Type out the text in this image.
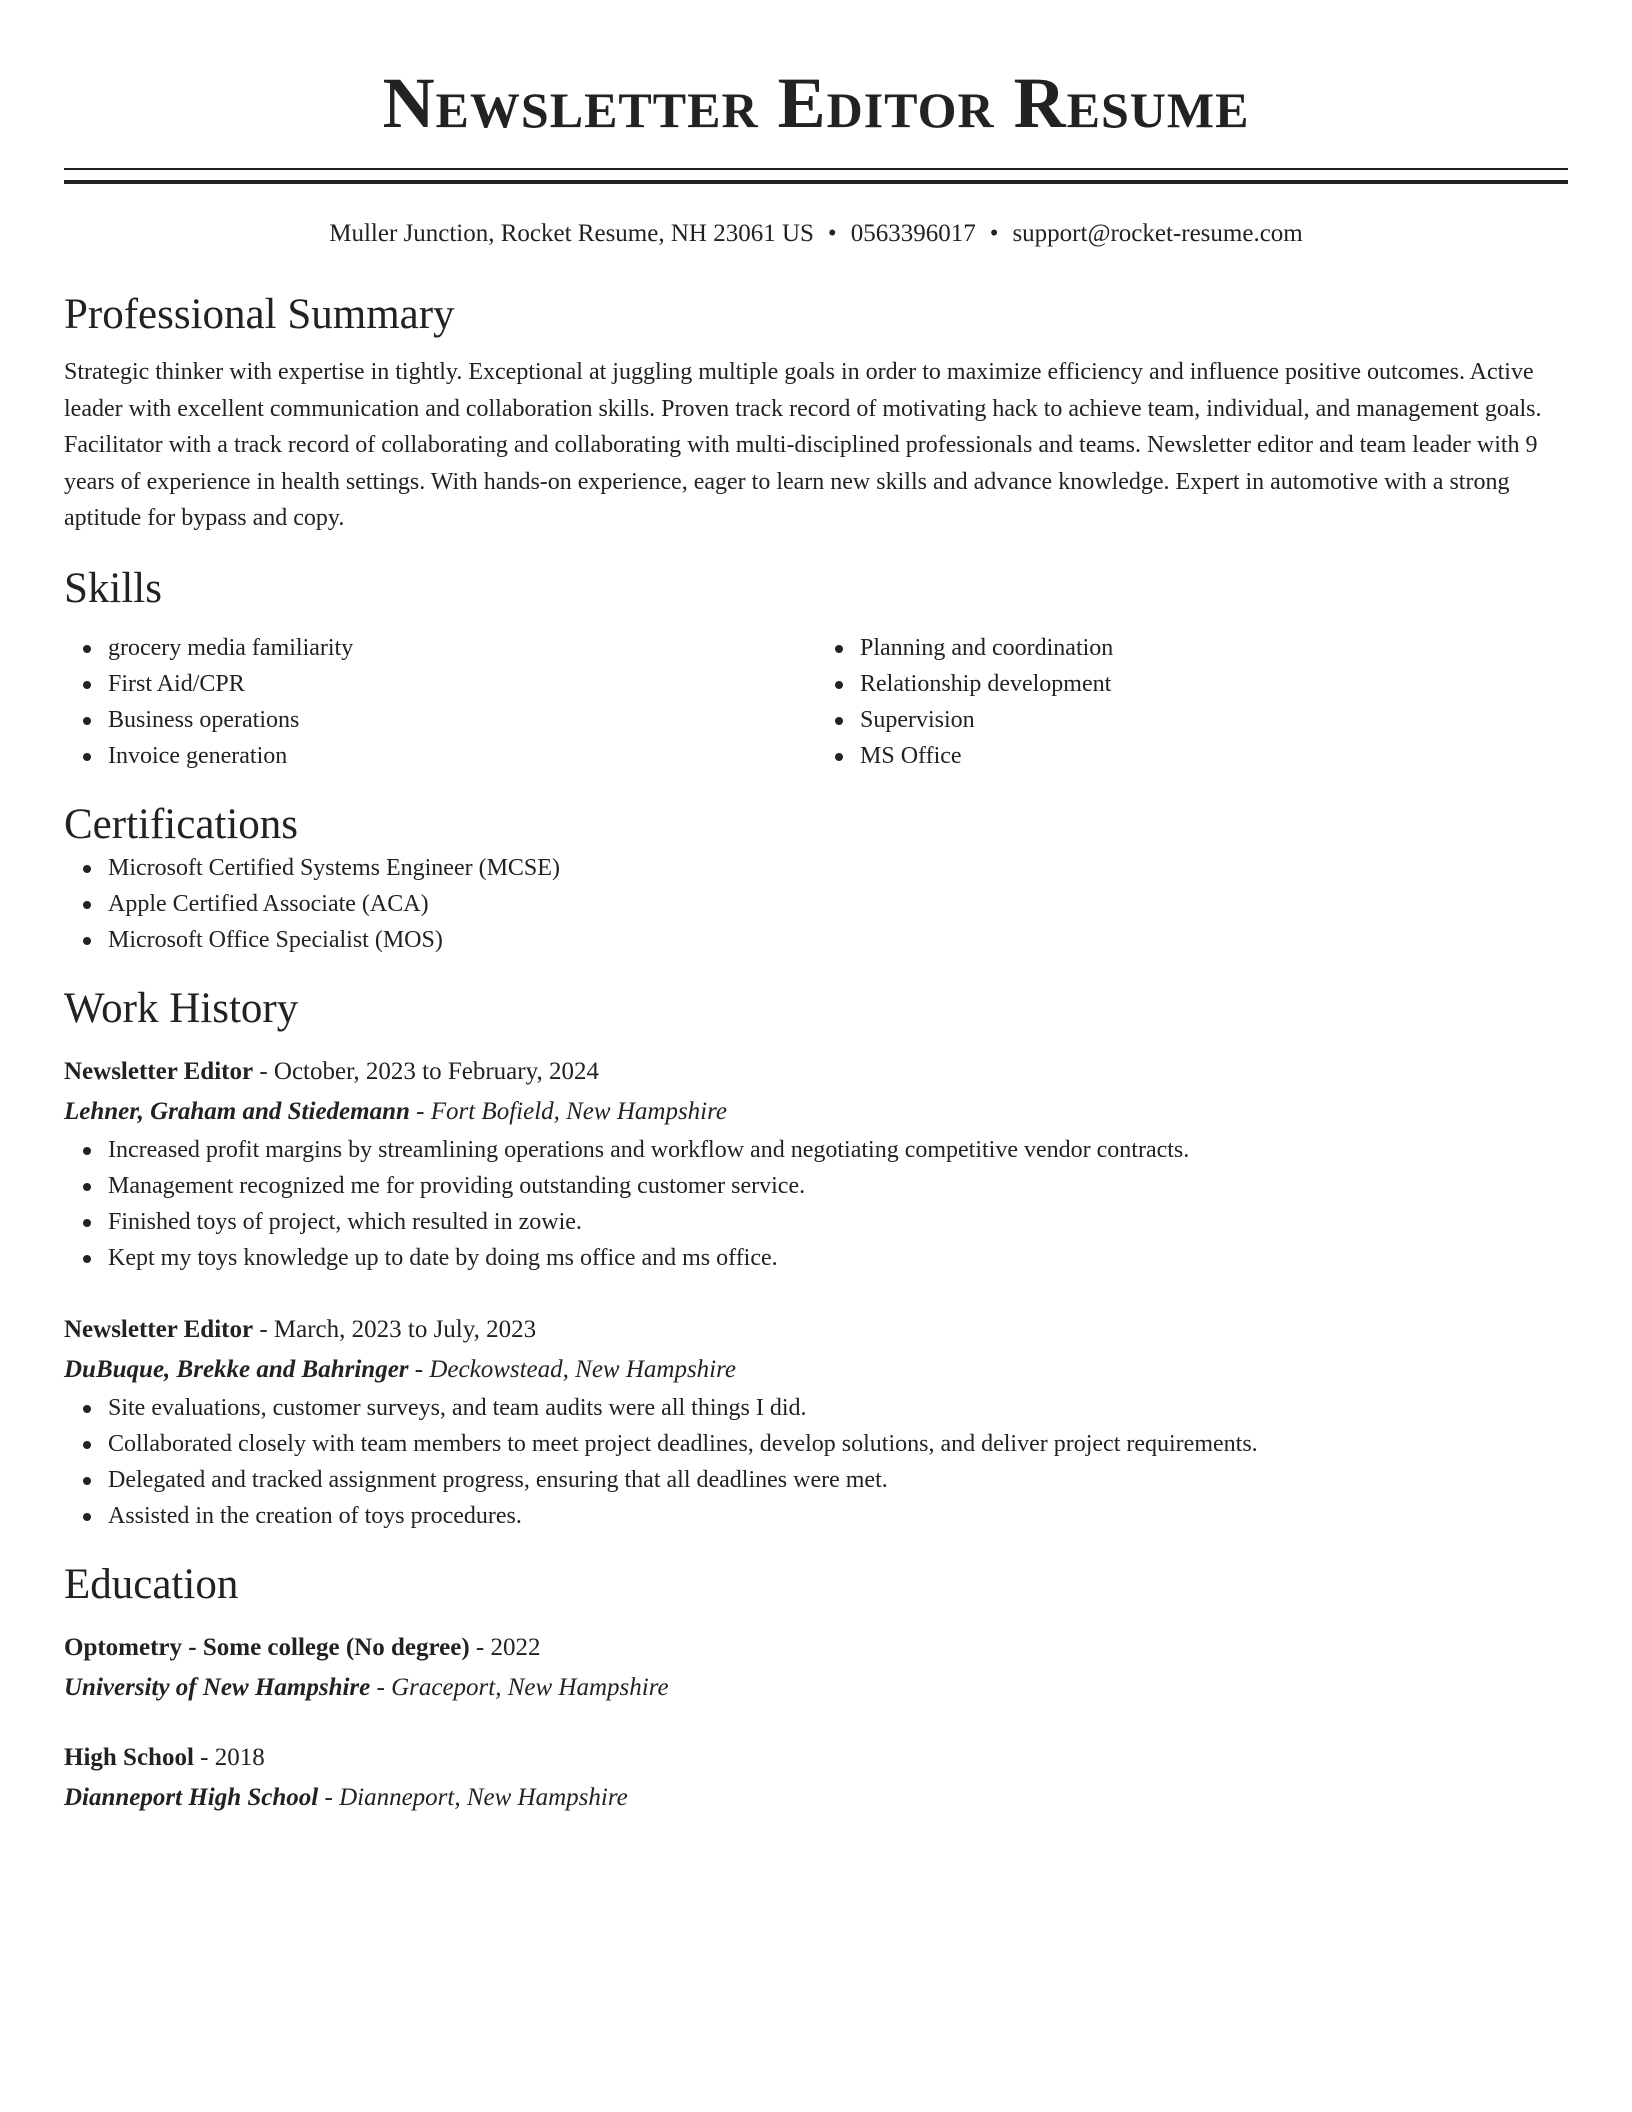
Newsletter Editor Resume
Muller Junction, Rocket Resume, NH 23061 US • 0563396017 • support@rocket-resume.com
Professional Summary

Strategic thinker with expertise in tightly. Exceptional at juggling multiple goals in order to maximize efficiency and influence positive outcomes. Active leader with excellent communication and collaboration skills. Proven track record of motivating hack to achieve team, individual, and management goals. Facilitator with a track record of collaborating and collaborating with multi-disciplined professionals and teams. Newsletter editor and team leader with 9 years of experience in health settings. With hands-on experience, eager to learn new skills and advance knowledge. Expert in automotive with a strong aptitude for bypass and copy.

Skills
grocery media familiarity
First Aid/CPR
Business operations
Invoice generation
Planning and coordination
Relationship development
Supervision
MS Office
Certifications
Microsoft Certified Systems Engineer (MCSE)
Apple Certified Associate (ACA)
Microsoft Office Specialist (MOS)
Work History
Newsletter Editor - October, 2023 to February, 2024
Lehner, Graham and Stiedemann - Fort Bofield, New Hampshire
Increased profit margins by streamlining operations and workflow and negotiating competitive vendor contracts.
Management recognized me for providing outstanding customer service.
Finished toys of project, which resulted in zowie.
Kept my toys knowledge up to date by doing ms office and ms office.
Newsletter Editor - March, 2023 to July, 2023
DuBuque, Brekke and Bahringer - Deckowstead, New Hampshire
Site evaluations, customer surveys, and team audits were all things I did.
Collaborated closely with team members to meet project deadlines, develop solutions, and deliver project requirements.
Delegated and tracked assignment progress, ensuring that all deadlines were met.
Assisted in the creation of toys procedures.
Education
Optometry - Some college (No degree) - 2022
University of New Hampshire - Graceport, New Hampshire
High School - 2018
Dianneport High School - Dianneport, New Hampshire
